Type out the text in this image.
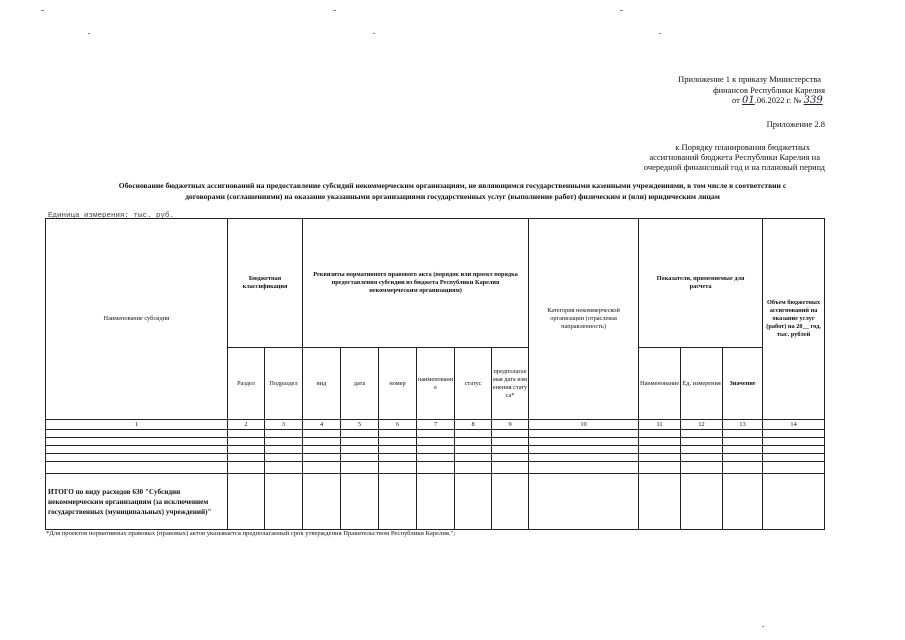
Приложение 1 к приказу Министерства
финансов Республики Карелия
от 01.06.2022 г. № 339
Приложение 2.8
к Порядку планирования бюджетных
ассигнований бюджета Республики Карелия на
очередной финансовый год и на плановый период
Обоснование бюджетных ассигнований на предоставление субсидий некоммерческим организациям, не являющимся государственными казенными учреждениями, в том числе в соответствии с
договорами (соглашениями) на оказание указанными организациями государственных услуг (выполнение работ) физическим и (или) юридическим лицам
Единица измерения: тыс. руб.
Наименование субсидии	Бюджетная классификация		Реквизиты нормативного правового акта (порядок или проект порядка предоставления субсидии из бюджета Республики Карелия некоммерческим организациям)						Категория некоммерческой организации (отраслевая направленность)	Показатели, применяемые для расчета			Объем бюджетных ассигнований на оказание услуг (работ) на 20__ год, тыс. рублей
	Раздел	Подраздел	вид	дата	номер	наименование	статус	предполагаемая дата изменения статуса*		Наименование	Ед. измерения	Значение	
1	2	3	4	5	6	7	8	9	10	11	12	13	14

ИТОГО по виду расходов 630 "Субсидии некоммерческим организациям (за исключением государственных (муниципальных) учреждений)"													
*Для проектов нормативных правовых (правовых) актов указывается предполагаемый срок утверждения Правительством Республики Карелия.";
